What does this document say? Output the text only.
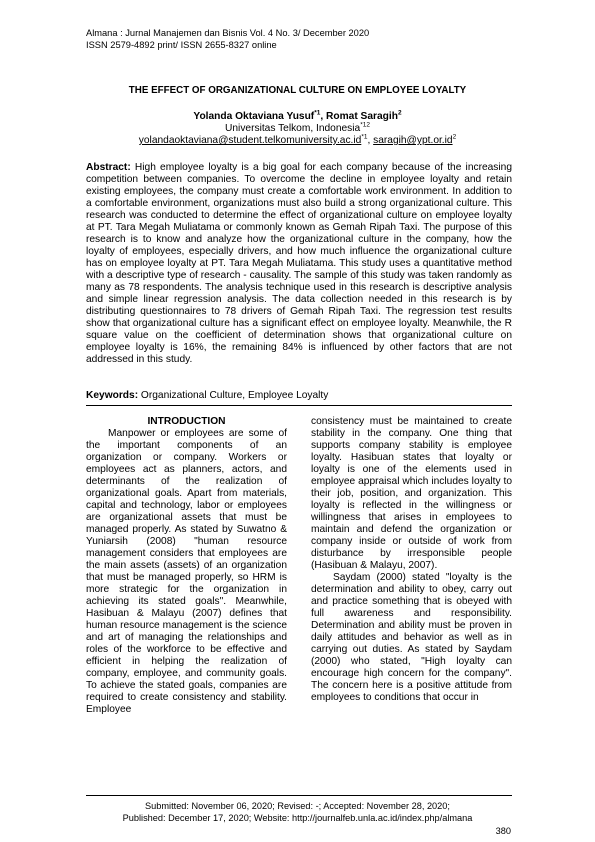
Almana : Jurnal Manajemen dan Bisnis Vol. 4 No. 3/ December 2020
ISSN 2579-4892 print/ ISSN 2655-8327 online
THE EFFECT OF ORGANIZATIONAL CULTURE ON EMPLOYEE LOYALTY
Yolanda Oktaviana Yusuf$^{*1}$, Romat Saragih$^2$
Universitas Telkom, Indonesia$^{*12}$
$yolandaoktaviana@student.telkomuniversity.ac.id^{*1}$, $saragih@ypt.or.id^2$
Abstract: High employee loyalty is a big goal for each company because of the increasing competition between companies. To overcome the decline in employee loyalty and retain existing employees, the company must create a comfortable work environment. In addition to a comfortable environment, organizations must also build a strong organizational culture. This research was conducted to determine the effect of organizational culture on employee loyalty at PT. Tara Megah Muliatama or commonly known as Gemah Ripah Taxi. The purpose of this research is to know and analyze how the organizational culture in the company, how the loyalty of employees, especially drivers, and how much influence the organizational culture has on employee loyalty at PT. Tara Megah Muliatama. This study uses a quantitative method with a descriptive type of research - causality. The sample of this study was taken randomly as many as 78 respondents. The analysis technique used in this research is descriptive analysis and simple linear regression analysis. The data collection needed in this research is by distributing questionnaires to 78 drivers of Gemah Ripah Taxi. The regression test results show that organizational culture has a significant effect on employee loyalty. Meanwhile, the R square value on the coefficient of determination shows that organizational culture on employee loyalty is 16%, the remaining 84% is influenced by other factors that are not addressed in this study.
Keywords: Organizational Culture, Employee Loyalty
INTRODUCTION

Manpower or employees are some of the important components of an organization or company. Workers or employees act as planners, actors, and determinants of the realization of organizational goals. Apart from materials, capital and technology, labor or employees are organizational assets that must be managed properly. As stated by Suwatno & Yuniarsih (2008) "human resource management considers that employees are the main assets (assets) of an organization that must be managed properly, so HRM is more strategic for the organization in achieving its stated goals". Meanwhile, Hasibuan & Malayu (2007) defines that human resource management is the science and art of managing the relationships and roles of the workforce to be effective and efficient in helping the realization of company, employee, and community goals. To achieve the stated goals, companies are required to create consistency and stability. Employee

consistency must be maintained to create stability in the company. One thing that supports company stability is employee loyalty. Hasibuan states that loyalty or loyalty is one of the elements used in employee appraisal which includes loyalty to their job, position, and organization. This loyalty is reflected in the willingness or willingness that arises in employees to maintain and defend the organization or company inside or outside of work from disturbance by irresponsible people (Hasibuan & Malayu, 2007).

Saydam (2000) stated "loyalty is the determination and ability to obey, carry out and practice something that is obeyed with full awareness and responsibility. Determination and ability must be proven in daily attitudes and behavior as well as in carrying out duties. As stated by Saydam (2000) who stated, "High loyalty can encourage high concern for the company". The concern here is a positive attitude from employees to conditions that occur in

Submitted: November 06, 2020; Revised: -; Accepted: November 28, 2020;
Published: December 17, 2020; Website: http://journalfeb.unla.ac.id/index.php/almana
380
